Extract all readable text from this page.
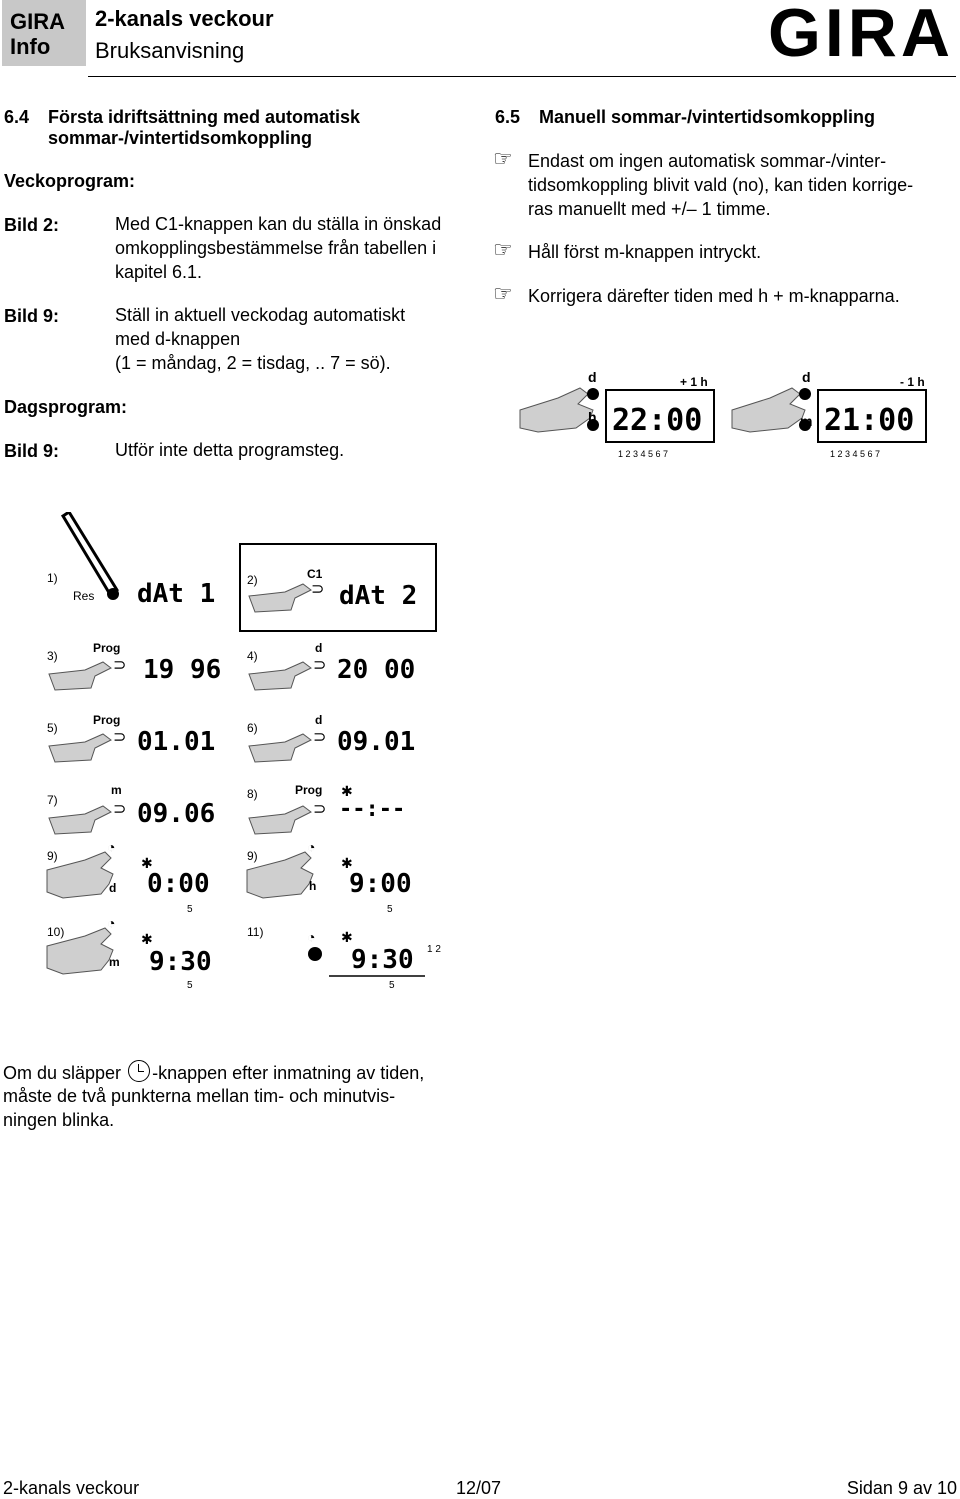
GIRA
Info
2-kanals veckour
Bruksanvisning	GIRA
6.4 Första idriftsättning med automatisk
sommar-/vintertidsomkoppling
Veckoprogram:
Bild 2:	Med C1-knappen kan du ställa in önskad
omkopplingsbestämmelse från tabellen i
kapitel 6.1.
Bild 9:	Ställ in aktuell veckodag automatiskt
med d-knappen
(1 = måndag, 2 = tisdag, .. 7 = sö).
Dagsprogram:
Bild 9:	Utför inte detta programsteg.
6.5 Manuell sommar-/vintertidsomkoppling
☞ Endast om ingen automatisk sommar-/vinter-
tidsomkoppling blivit vald (no), kan tiden korrige-
ras manuellt med +/– 1 timme.
☞ Håll först m-knappen intryckt.
☞ Korrigera därefter tiden med h + m-knapparna.
d
h
+ 1 h
22:00
1 2 3 4 5 6 7
d
m
- 1 h
21:00
1 2 3 4 5 6 7
1)
Res dAt 1	2)	C1
⊃ dAt 2
3)
Prog
⊃ 19 96 4)
d
⊃ 20 00
5)
Prog
⊃ 01.01	6)
d
⊃ 09.01
7)
m
⊃ 09.06
8)	Prog
⊃
✱
--:--
9)
◔
d
✱
0:00
5
9)
◔
h
✱
9:00
5
10)
◔
m
✱
9:30
5
11)	◔ ✱
9:30 1 2
5
Om du släpper -knappen efter inmatning av tiden,
måste de två punkterna mellan tim- och minutvis-
ningen blinka.
2-kanals veckour	12/07	Sidan 9 av 10
